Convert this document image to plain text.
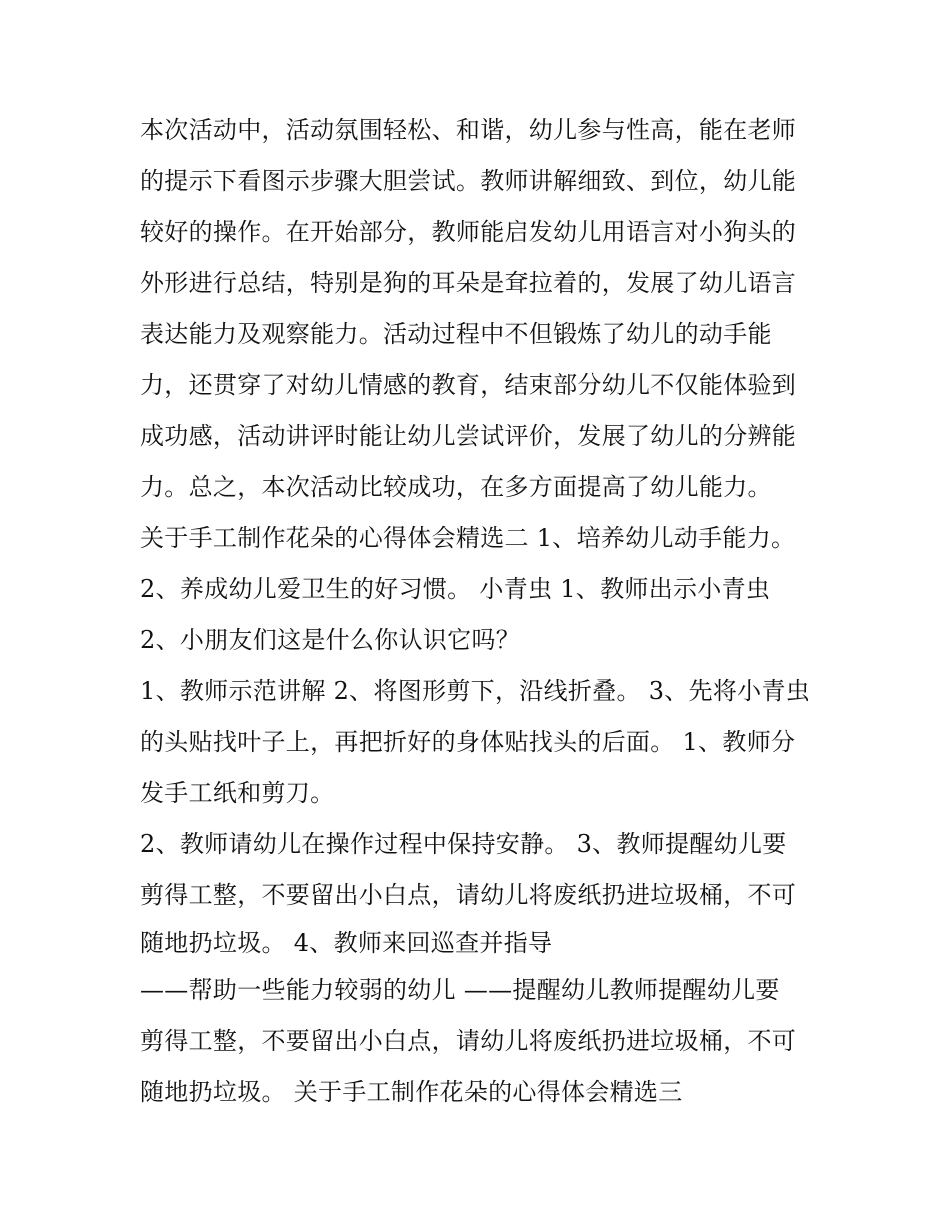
本次活动中，活动氛围轻松、和谐，幼儿参与性高，能在老师
的提示下看图示步骤大胆尝试。教师讲解细致、到位，幼儿能
较好的操作。在开始部分，教师能启发幼儿用语言对小狗头的
外形进行总结，特别是狗的耳朵是耷拉着的，发展了幼儿语言
表达能力及观察能力。活动过程中不但锻炼了幼儿的动手能
力，还贯穿了对幼儿情感的教育，结束部分幼儿不仅能体验到
成功感，活动讲评时能让幼儿尝试评价，发展了幼儿的分辨能
力。总之，本次活动比较成功，在多方面提高了幼儿能力。
关于手工制作花朵的心得体会精选二 1、培养幼儿动手能力。
2、养成幼儿爱卫生的好习惯。 小青虫 1、教师出示小青虫
2、小朋友们这是什么你认识它吗？
1、教师示范讲解 2、将图形剪下，沿线折叠。 3、先将小青虫
的头贴找叶子上，再把折好的身体贴找头的后面。 1、教师分
发手工纸和剪刀。
2、教师请幼儿在操作过程中保持安静。 3、教师提醒幼儿要
剪得工整，不要留出小白点，请幼儿将废纸扔进垃圾桶，不可
随地扔垃圾。 4、教师来回巡查并指导
——帮助一些能力较弱的幼儿 ——提醒幼儿教师提醒幼儿要
剪得工整，不要留出小白点，请幼儿将废纸扔进垃圾桶，不可
随地扔垃圾。 关于手工制作花朵的心得体会精选三
